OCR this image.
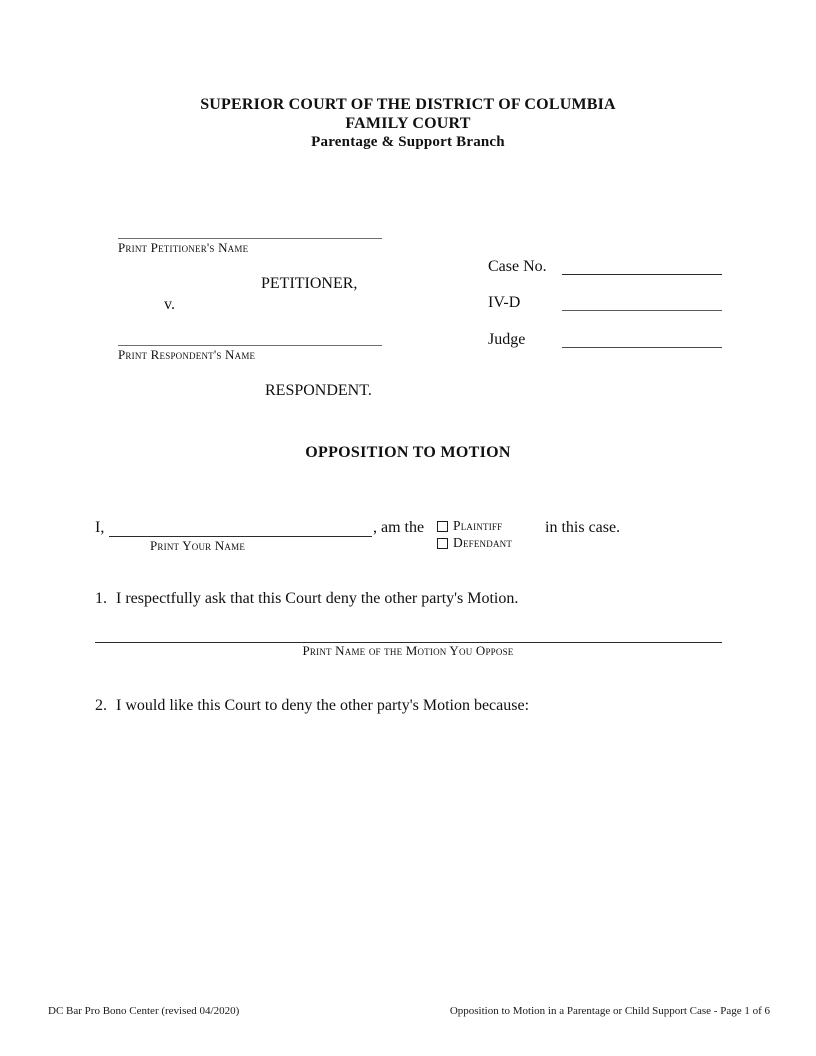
SUPERIOR COURT OF THE DISTRICT OF COLUMBIA
FAMILY COURT
Parentage & Support Branch
Print Petitioner's Name
PETITIONER,
v.
Print Respondent's Name
RESPONDENT.
Case No.
IV-D
Judge
OPPOSITION TO MOTION
I,	, am the Plaintiff	in this case.
Defendant
Print Your Name
1. I respectfully ask that this Court deny the other party's Motion.
Print Name of the Motion You Oppose
2. I would like this Court to deny the other party's Motion because:
DC Bar Pro Bono Center (revised 04/2020)	Opposition to Motion in a Parentage or Child Support Case - Page 1 of 6
